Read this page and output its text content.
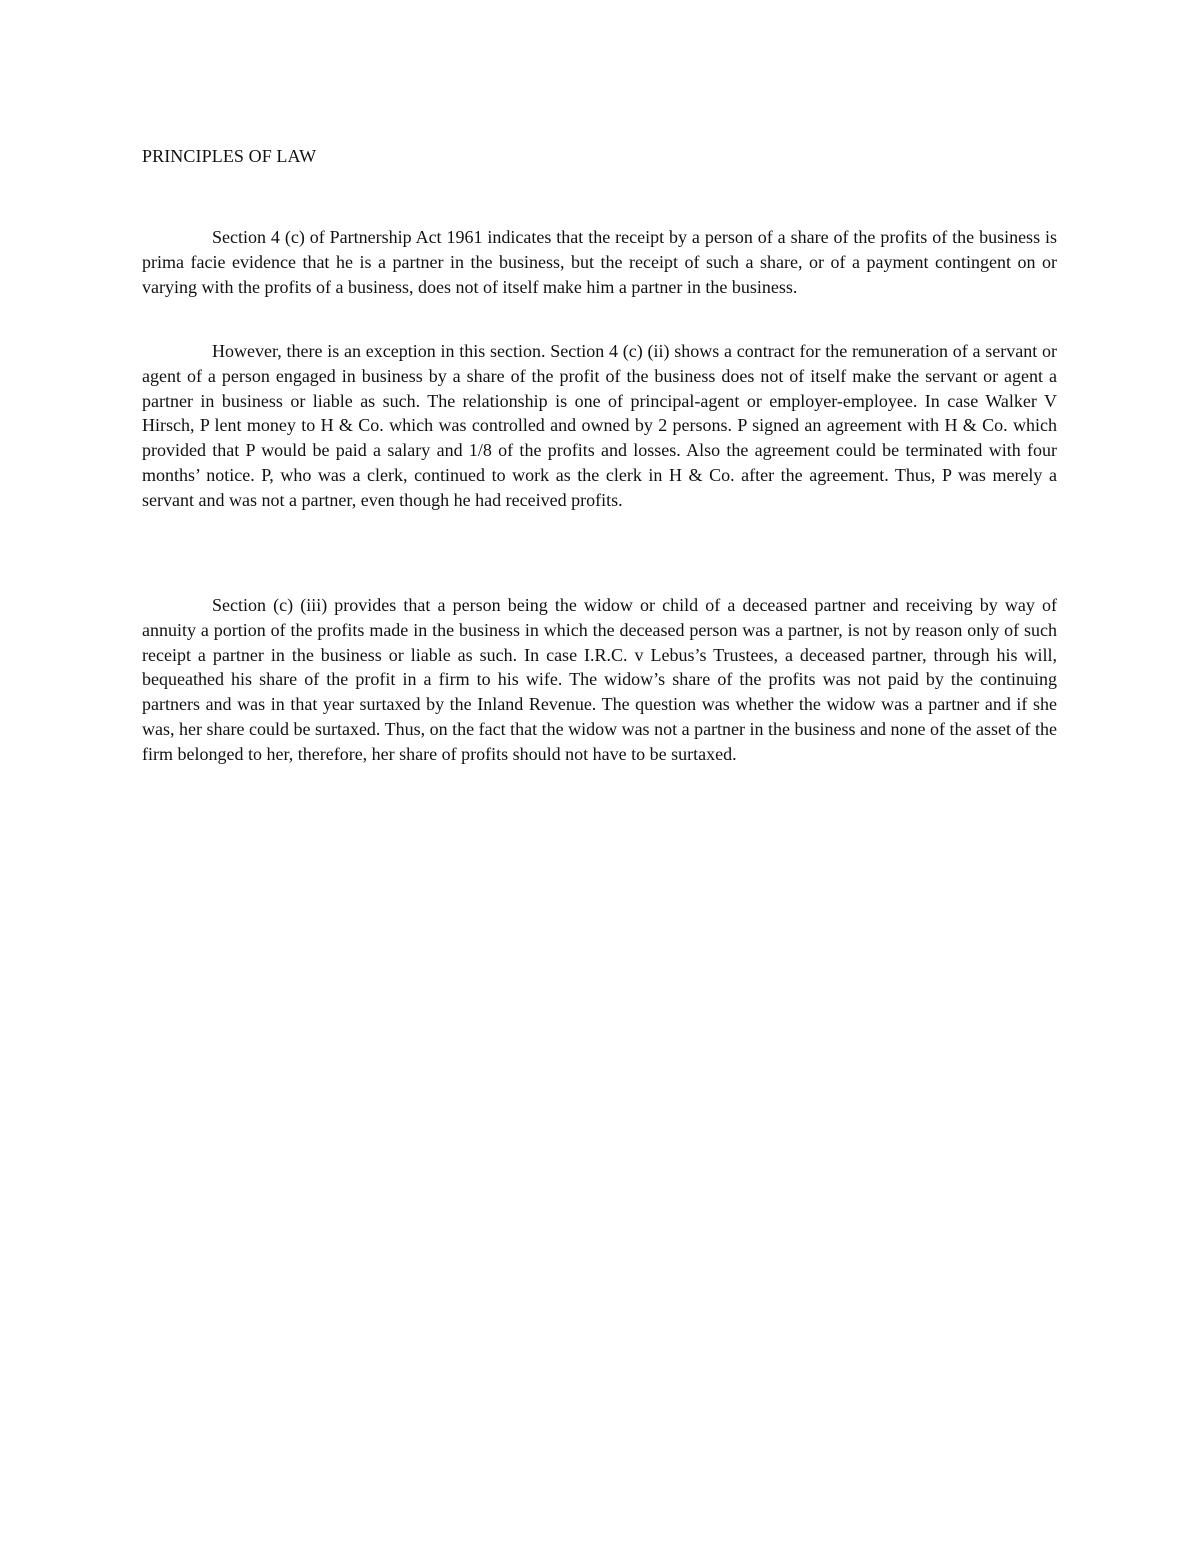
PRINCIPLES OF LAW

Section 4 (c) of Partnership Act 1961 indicates that the receipt by a person of a share of the profits of the business is prima facie evidence that he is a partner in the business, but the receipt of such a share, or of a payment contingent on or varying with the profits of a business, does not of itself make him a partner in the business.

However, there is an exception in this section. Section 4 (c) (ii) shows a contract for the remuneration of a servant or agent of a person engaged in business by a share of the profit of the business does not of itself make the servant or agent a partner in business or liable as such. The relationship is one of principal-agent or employer-employee. In case Walker V Hirsch, P lent money to H & Co. which was controlled and owned by 2 persons. P signed an agreement with H & Co. which provided that P would be paid a salary and 1/8 of the profits and losses. Also the agreement could be terminated with four months’ notice. P, who was a clerk, continued to work as the clerk in H & Co. after the agreement. Thus, P was merely a servant and was not a partner, even though he had received profits.

Section (c) (iii) provides that a person being the widow or child of a deceased partner and receiving by way of annuity a portion of the profits made in the business in which the deceased person was a partner, is not by reason only of such receipt a partner in the business or liable as such. In case I.R.C. v Lebus’s Trustees, a deceased partner, through his will, bequeathed his share of the profit in a firm to his wife. The widow’s share of the profits was not paid by the continuing partners and was in that year surtaxed by the Inland Revenue. The question was whether the widow was a partner and if she was, her share could be surtaxed. Thus, on the fact that the widow was not a partner in the business and none of the asset of the firm belonged to her, therefore, her share of profits should not have to be surtaxed.
